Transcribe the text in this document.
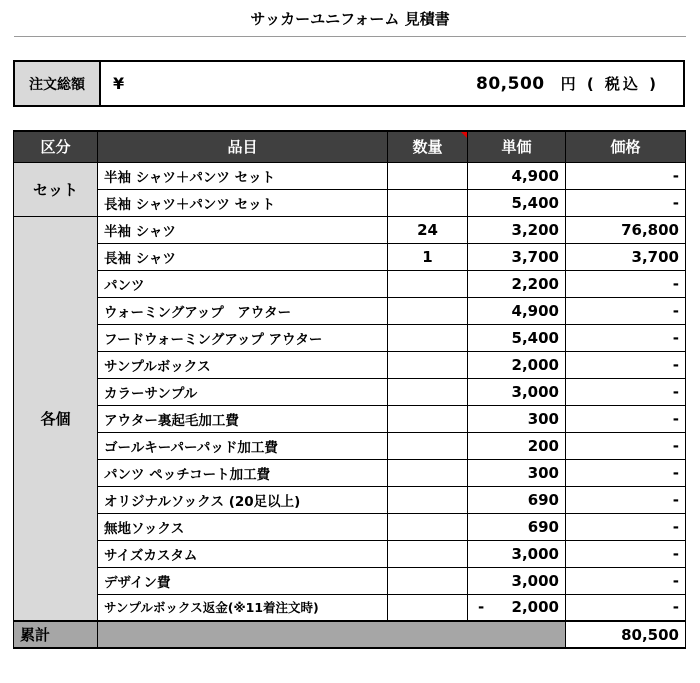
サッカーユニフォーム 見積書
注文総額	¥	80,500 円 ( 税込 )
区分	品目	数量	単価	価格
セット	半袖 シャツ＋パンツ セット		4,900	-
	長袖 シャツ＋パンツ セット		5,400	-
各個	半袖 シャツ	24	3,200	76,800
	長袖 シャツ	1	3,700	3,700
	パンツ		2,200	-
	ウォーミングアップ　アウター		4,900	-
	フードウォーミングアップ アウター		5,400	-
	サンプルボックス		2,000	-
	カラーサンプル		3,000	-
	アウター裏起毛加工費		300	-
	ゴールキーパーパッド加工費		200	-
	パンツ ペッチコート加工費		300	-
	オリジナルソックス (20足以上)		690	-
	無地ソックス		690	-
	サイズカスタム		3,000	-
	デザイン費		3,000	-
	サンプルボックス返金(※11着注文時)		- 2,000	-
累計				80,500
